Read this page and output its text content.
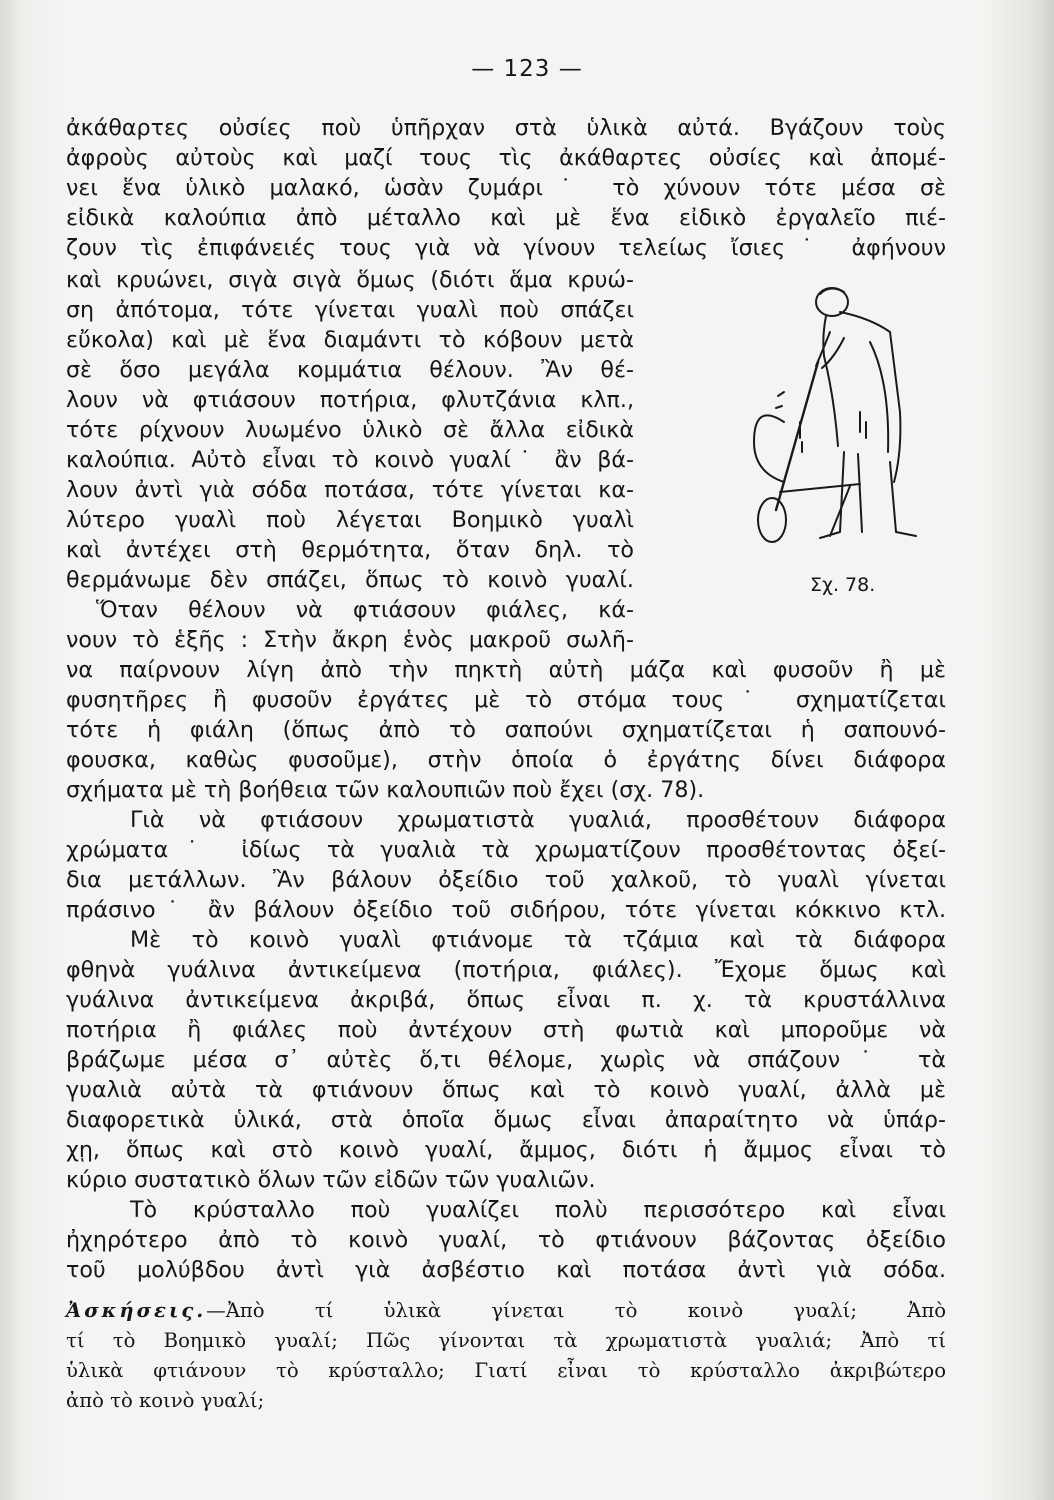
— 123 —
ἀκάθαρτες οὐσίες ποὺ ὑπῆρχαν στὰ ὑλικὰ αὐτά. Βγάζουν τοὺς
ἀφροὺς αὐτοὺς καὶ μαζί τους τὶς ἀκάθαρτες οὐσίες καὶ ἀπομέ-
νει ἕνα ὑλικὸ μαλακό, ὡσὰν ζυμάρι˙ τὸ χύνουν τότε μέσα σὲ
εἰδικὰ καλούπια ἀπὸ μέταλλο καὶ μὲ ἕνα εἰδικὸ ἐργαλεῖο πιέ-
ζουν τὶς ἐπιφάνειές τους γιὰ νὰ γίνουν τελείως ἴσιες˙ ἀφήνουν
καὶ κρυώνει, σιγὰ σιγὰ ὅμως (διότι ἅμα κρυώ-
ση ἀπότομα, τότε γίνεται γυαλὶ ποὺ σπάζει
εὔκολα) καὶ μὲ ἕνα διαμάντι τὸ κόβουν μετὰ
σὲ ὅσο μεγάλα κομμάτια θέλουν. Ἂν θέ-
λουν νὰ φτιάσουν ποτήρια, φλυτζάνια κλπ.,
τότε ρίχνουν λυωμένο ὑλικὸ σὲ ἄλλα εἰδικὰ
καλούπια. Αὐτὸ εἶναι τὸ κοινὸ γυαλί˙ ἂν βά-
λουν ἀντὶ γιὰ σόδα ποτάσα, τότε γίνεται κα-
λύτερο γυαλὶ ποὺ λέγεται Βοημικὸ γυαλὶ
καὶ ἀντέχει στὴ θερμότητα, ὅταν δηλ. τὸ
θερμάνωμε δὲν σπάζει, ὅπως τὸ κοινὸ γυαλί.
Ὅταν θέλουν νὰ φτιάσουν φιάλες, κά-
νουν τὸ ἑξῆς : Στὴν ἄκρη ἑνὸς μακροῦ σωλῆ-
να παίρνουν λίγη ἀπὸ τὴν πηκτὴ αὐτὴ μάζα καὶ φυσοῦν ἢ μὲ
φυσητῆρες ἢ φυσοῦν ἐργάτες μὲ τὸ στόμα τους˙ σχηματίζεται
τότε ἡ φιάλη (ὅπως ἀπὸ τὸ σαπούνι σχηματίζεται ἡ σαπουνό-
φουσκα, καθὼς φυσοῦμε), στὴν ὁποία ὁ ἐργάτης δίνει διάφορα
σχήματα μὲ τὴ βοήθεια τῶν καλουπιῶν ποὺ ἔχει (σχ. 78).
Γιὰ νὰ φτιάσουν χρωματιστὰ γυαλιά, προσθέτουν διάφορα
χρώματα˙ ἰδίως τὰ γυαλιὰ τὰ χρωματίζουν προσθέτοντας ὀξεί-
δια μετάλλων. Ἂν βάλουν ὀξείδιο τοῦ χαλκοῦ, τὸ γυαλὶ γίνεται
πράσινο˙ ἂν βάλουν ὀξείδιο τοῦ σιδήρου, τότε γίνεται κόκκινο κτλ.
Μὲ τὸ κοινὸ γυαλὶ φτιάνομε τὰ τζάμια καὶ τὰ διάφορα
φθηνὰ γυάλινα ἀντικείμενα (ποτήρια, φιάλες). Ἔχομε ὅμως καὶ
γυάλινα ἀντικείμενα ἀκριβά, ὅπως εἶναι π. χ. τὰ κρυστάλλινα
ποτήρια ἢ φιάλες ποὺ ἀντέχουν στὴ φωτιὰ καὶ μποροῦμε νὰ
βράζωμε μέσα σ᾿ αὐτὲς ὅ,τι θέλομε, χωρὶς νὰ σπάζουν˙ τὰ
γυαλιὰ αὐτὰ τὰ φτιάνουν ὅπως καὶ τὸ κοινὸ γυαλί, ἀλλὰ μὲ
διαφορετικὰ ὑλικά, στὰ ὁποῖα ὅμως εἶναι ἀπαραίτητο νὰ ὑπάρ-
χῃ, ὅπως καὶ στὸ κοινὸ γυαλί, ἄμμος, διότι ἡ ἄμμος εἶναι τὸ
κύριο συστατικὸ ὅλων τῶν εἰδῶν τῶν γυαλιῶν.
Τὸ κρύσταλλο ποὺ γυαλίζει πολὺ περισσότερο καὶ εἶναι
ἠχηρότερο ἀπὸ τὸ κοινὸ γυαλί, τὸ φτιάνουν βάζοντας ὀξείδιο
τοῦ μολύβδου ἀντὶ γιὰ ἀσβέστιο καὶ ποτάσα ἀντὶ γιὰ σόδα.
Σχ. 78.
Ἀσκήσεις.—Ἀπὸ τί ὑλικὰ γίνεται τὸ κοινὸ γυαλί; Ἀπὸ
τί τὸ Βοημικὸ γυαλί; Πῶς γίνονται τὰ χρωματιστὰ γυαλιά; Ἀπὸ τί
ὑλικὰ φτιάνουν τὸ κρύσταλλο; Γιατί εἶναι τὸ κρύσταλλο ἀκριβώτερο
ἀπὸ τὸ κοινὸ γυαλί;
